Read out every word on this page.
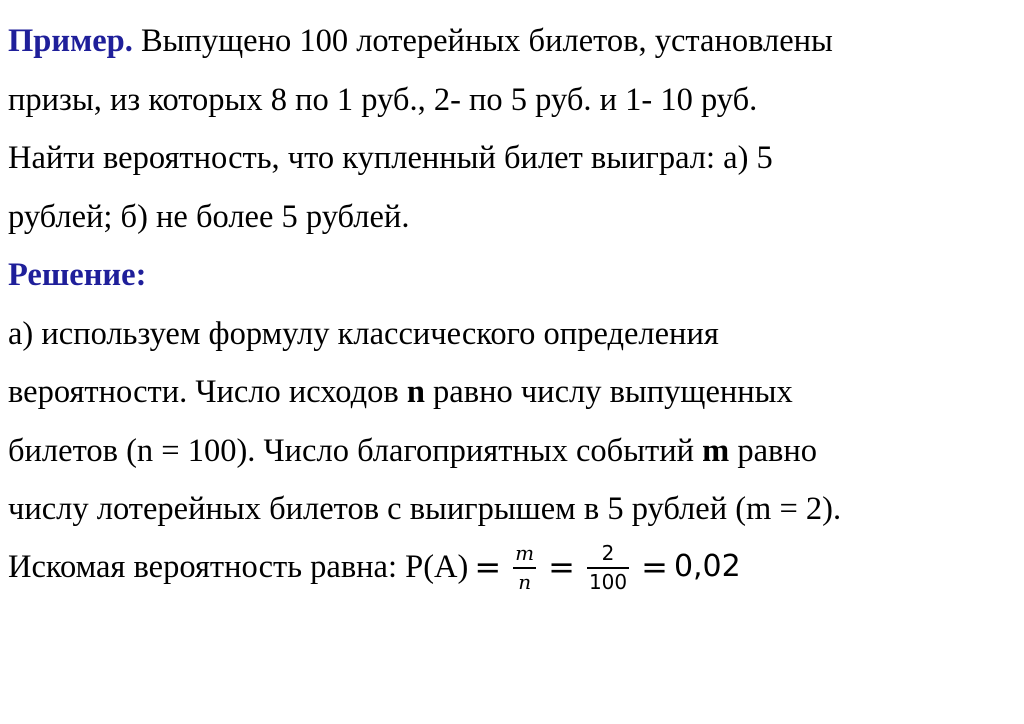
Пример. Выпущено 100 лотерейных билетов, установлены
призы, из которых 8 по 1 руб., 2- по 5 руб. и 1- 10 руб.
Найти вероятность, что купленный билет выиграл: а) 5
рублей; б) не более 5 рублей.
Решение:
а) используем формулу классического определения
вероятности. Число исходов n равно числу выпущенных
билетов (n = 100). Число благоприятных событий m равно
числу лотерейных билетов с выигрышем в 5 рублей (m = 2).
Искомая вероятность равна: $Р(А) = \frac{m}{n} = \frac{2}{100} = 0,02$
